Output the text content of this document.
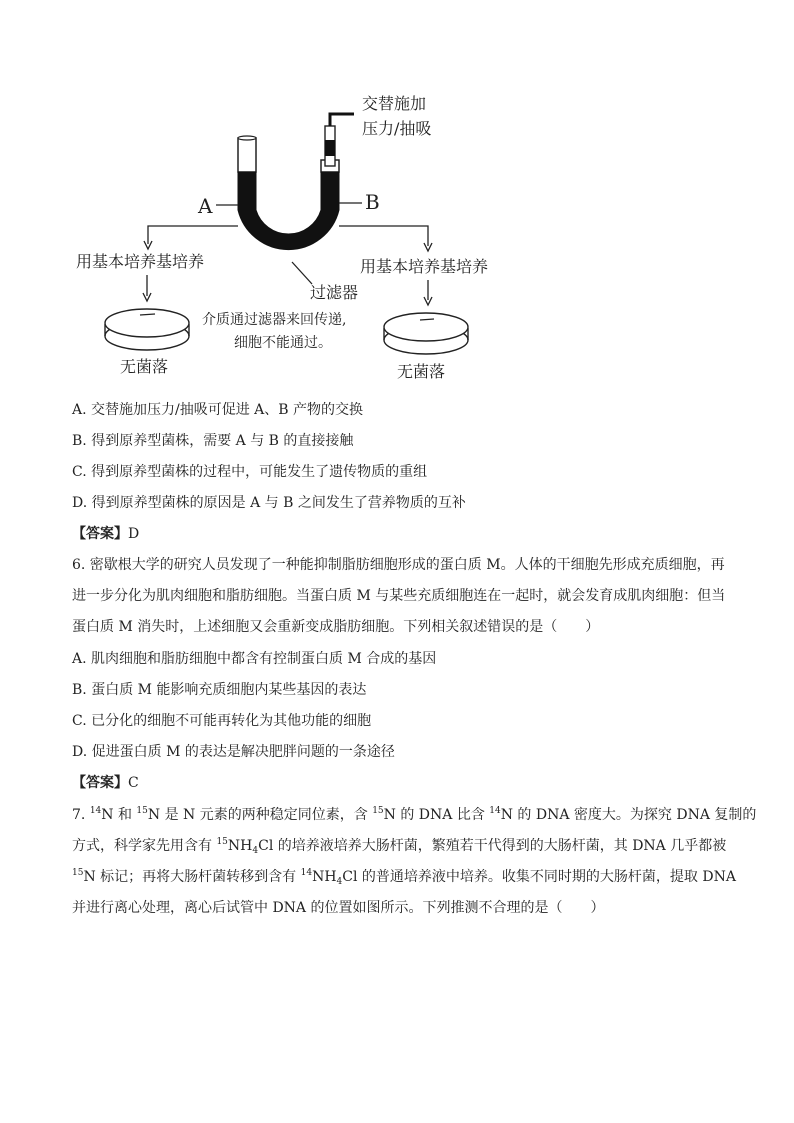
交替施加
压力/抽吸
A	B
用基本培养基培养	用基本培养基培养
过滤器
介质通过滤器来回传递,
细胞不能通过。
无菌落	无菌落
A. 交替施加压力/抽吸可促进 A、B 产物的交换
B. 得到原养型菌株，需要 A 与 B 的直接接触
C. 得到原养型菌株的过程中，可能发生了遗传物质的重组
D. 得到原养型菌株的原因是 A 与 B 之间发生了营养物质的互补
【答案】D
6. 密歇根大学的研究人员发现了一种能抑制脂肪细胞形成的蛋白质 M。人体的干细胞先形成充质细胞，再
进一步分化为肌肉细胞和脂肪细胞。当蛋白质 M 与某些充质细胞连在一起时，就会发育成肌肉细胞：但当
蛋白质 M 消失时，上述细胞又会重新变成脂肪细胞。下列相关叙述错误的是（　　）
A. 肌肉细胞和脂肪细胞中都含有控制蛋白质 M 合成的基因
B. 蛋白质 M 能影响充质细胞内某些基因的表达
C. 已分化的细胞不可能再转化为其他功能的细胞
D. 促进蛋白质 M 的表达是解决肥胖问题的一条途径
【答案】C
7. $^{14}$N 和 $^{15}$N 是 N 元素的两种稳定同位素，含 $^{15}$N 的 DNA 比含 $^{14}$N 的 DNA 密度大。为探究 DNA 复制的
方式，科学家先用含有 $^{15}NH_4Cl$ 的培养液培养大肠杆菌，繁殖若干代得到的大肠杆菌，其 DNA 几乎都被
$^{15}$N 标记；再将大肠杆菌转移到含有 $^{14}NH_4Cl$ 的普通培养液中培养。收集不同时期的大肠杆菌，提取 DNA
并进行离心处理，离心后试管中 DNA 的位置如图所示。下列推测不合理的是（　　）
